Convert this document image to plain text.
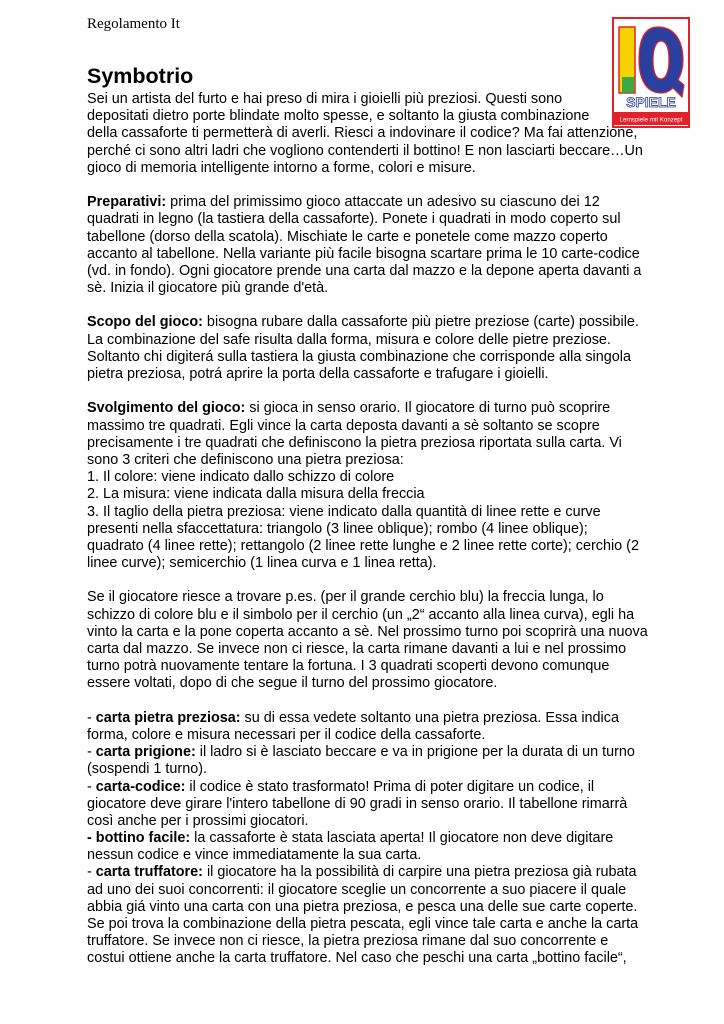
Regolamento It
SPIELE
Lernspiele mit Konzept
Symbotrio
Sei un artista del furto e hai preso di mira i gioielli più preziosi. Questi sono
depositati dietro porte blindate molto spesse, e soltanto la giusta combinazione
della cassaforte ti permetterà di averli. Riesci a indovinare il codice? Ma fai attenzione,
perché ci sono altri ladri che vogliono contenderti il bottino! E non lasciarti beccare…Un
gioco di memoria intelligente intorno a forme, colori e misure.
Preparativi: prima del primissimo gioco attaccate un adesivo su ciascuno dei 12
quadrati in legno (la tastiera della cassaforte). Ponete i quadrati in modo coperto sul
tabellone (dorso della scatola). Mischiate le carte e ponetele come mazzo coperto
accanto al tabellone. Nella variante più facile bisogna scartare prima le 10 carte-codice
(vd. in fondo). Ogni giocatore prende una carta dal mazzo e la depone aperta davanti a
sè. Inizia il giocatore più grande d'età.
Scopo del gioco: bisogna rubare dalla cassaforte più pietre preziose (carte) possibile.
La combinazione del safe risulta dalla forma, misura e colore delle pietre preziose.
Soltanto chi digiterá sulla tastiera la giusta combinazione che corrisponde alla singola
pietra preziosa, potrá aprire la porta della cassaforte e trafugare i gioielli.
Svolgimento del gioco: si gioca in senso orario. Il giocatore di turno può scoprire
massimo tre quadrati. Egli vince la carta deposta davanti a sè soltanto se scopre
precisamente i tre quadrati che definiscono la pietra preziosa riportata sulla carta. Vi
sono 3 criteri che definiscono una pietra preziosa:
1. Il colore: viene indicato dallo schizzo di colore
2. La misura: viene indicata dalla misura della freccia
3. Il taglio della pietra preziosa: viene indicato dalla quantità di linee rette e curve
presenti nella sfaccettatura: triangolo (3 linee oblique); rombo (4 linee oblique);
quadrato (4 linee rette); rettangolo (2 linee rette lunghe e 2 linee rette corte); cerchio (2
linee curve); semicerchio (1 linea curva e 1 linea retta).
Se il giocatore riesce a trovare p.es. (per il grande cerchio blu) la freccia lunga, lo
schizzo di colore blu e il simbolo per il cerchio (un „2“ accanto alla linea curva), egli ha
vinto la carta e la pone coperta accanto a sè. Nel prossimo turno poi scoprirà una nuova
carta dal mazzo. Se invece non ci riesce, la carta rimane davanti a lui e nel prossimo
turno potrà nuovamente tentare la fortuna. I 3 quadrati scoperti devono comunque
essere voltati, dopo di che segue il turno del prossimo giocatore.
- carta pietra preziosa: su di essa vedete soltanto una pietra preziosa. Essa indica
forma, colore e misura necessari per il codice della cassaforte.
- carta prigione: il ladro si è lasciato beccare e va in prigione per la durata di un turno
(sospendi 1 turno).
- carta-codice: il codice è stato trasformato! Prima di poter digitare un codice, il
giocatore deve girare l'intero tabellone di 90 gradi in senso orario. Il tabellone rimarrà
così anche per i prossimi giocatori.
- bottino facile: la cassaforte è stata lasciata aperta! Il giocatore non deve digitare
nessun codice e vince immediatamente la sua carta.
- carta truffatore: il giocatore ha la possibilità di carpire una pietra preziosa già rubata
ad uno dei suoi concorrenti: il giocatore sceglie un concorrente a suo piacere il quale
abbia giá vinto una carta con una pietra preziosa, e pesca una delle sue carte coperte.
Se poi trova la combinazione della pietra pescata, egli vince tale carta e anche la carta
truffatore. Se invece non ci riesce, la pietra preziosa rimane dal suo concorrente e
costui ottiene anche la carta truffatore. Nel caso che peschi una carta „bottino facile“,
